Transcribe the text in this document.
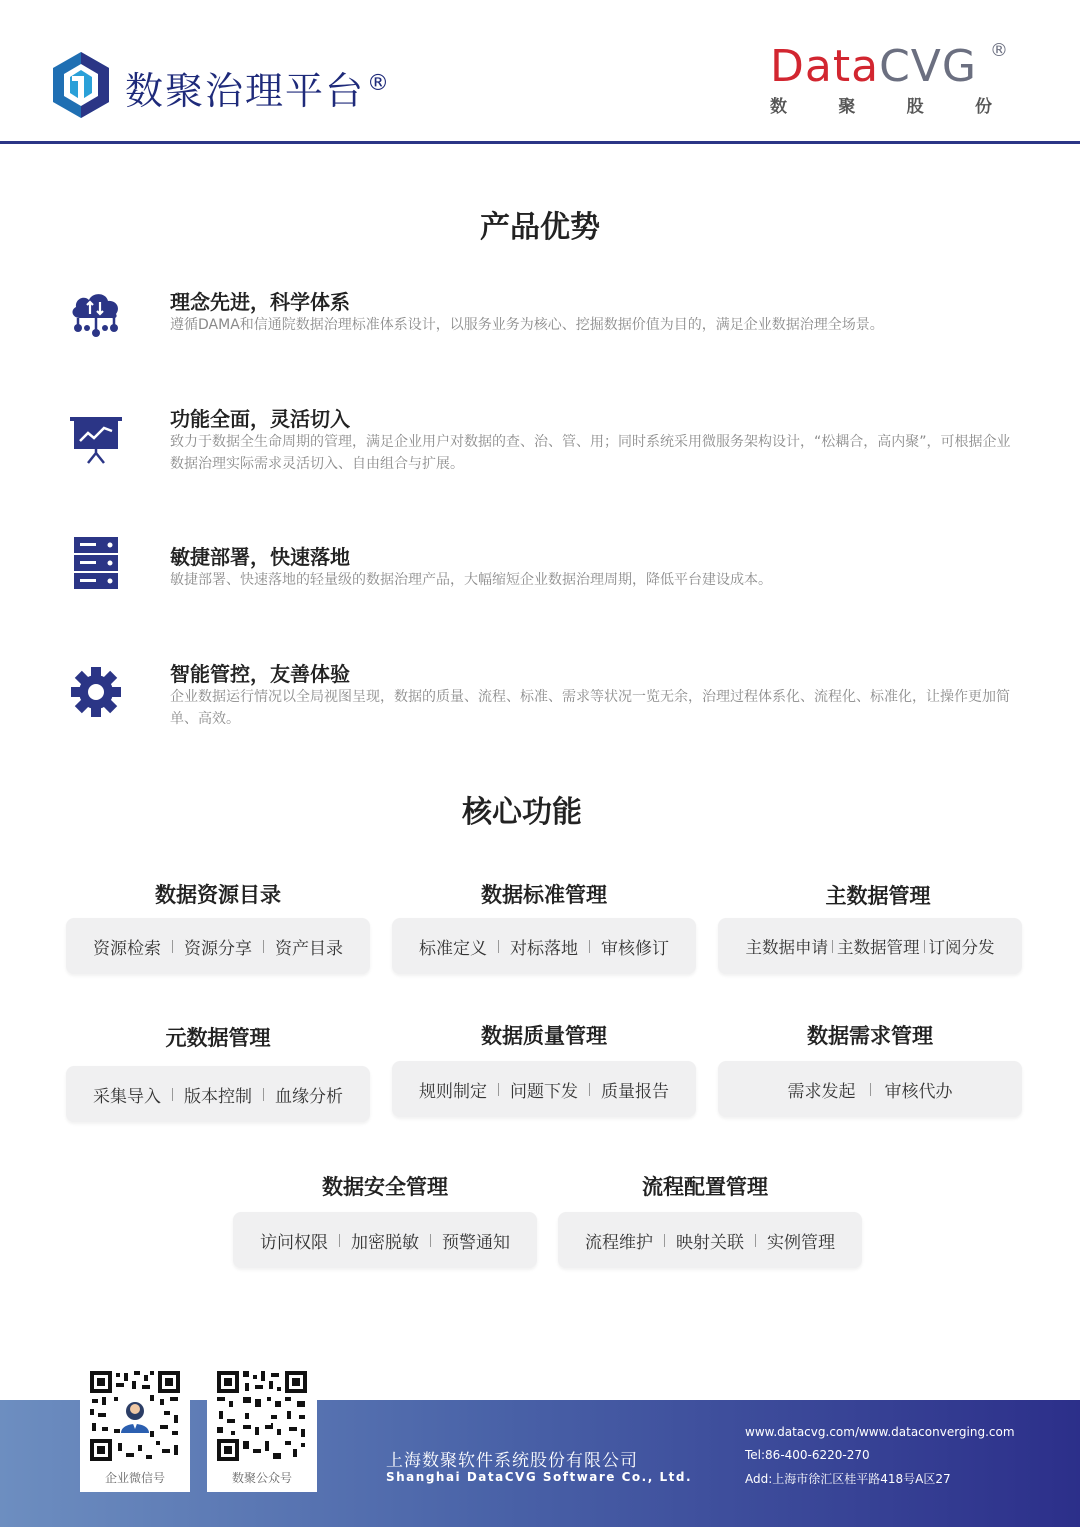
数聚治理平台®	DataCVG ®
数	聚	股	份
产品优势
理念先进，科学体系
遵循DAMA和信通院数据治理标准体系设计，以服务业务为核心、挖掘数据价值为目的，满足企业数据治理全场景。
功能全面，灵活切入
致力于数据全生命周期的管理，满足企业用户对数据的查、治、管、用；同时系统采用微服务架构设计，“松耦合，高内聚”，可根据企业数据治理实际需求灵活切入、自由组合与扩展。
敏捷部署，快速落地
敏捷部署、快速落地的轻量级的数据治理产品，大幅缩短企业数据治理周期，降低平台建设成本。
智能管控，友善体验
企业数据运行情况以全局视图呈现，数据的质量、流程、标准、需求等状况一览无余，治理过程体系化、流程化、标准化，让操作更加简单、高效。
核心功能
数据资源目录
资源检索 资源分享 资产目录
数据标准管理
标准定义 对标落地 审核修订
主数据管理
主数据申请 主数据管理 订阅分发
元数据管理
采集导入 版本控制 血缘分析
数据质量管理
规则制定 问题下发 质量报告
数据需求管理
需求发起 审核代办
数据安全管理
访问权限 加密脱敏 预警通知
流程配置管理
流程维护 映射关联 实例管理
企业微信号	数聚公众号
上海数聚软件系统股份有限公司
Shanghai DataCVG Software Co., Ltd.
www.datacvg.com/www.dataconverging.com
Tel:86-400-6220-270
Add:上海市徐汇区桂平路418号A区27
